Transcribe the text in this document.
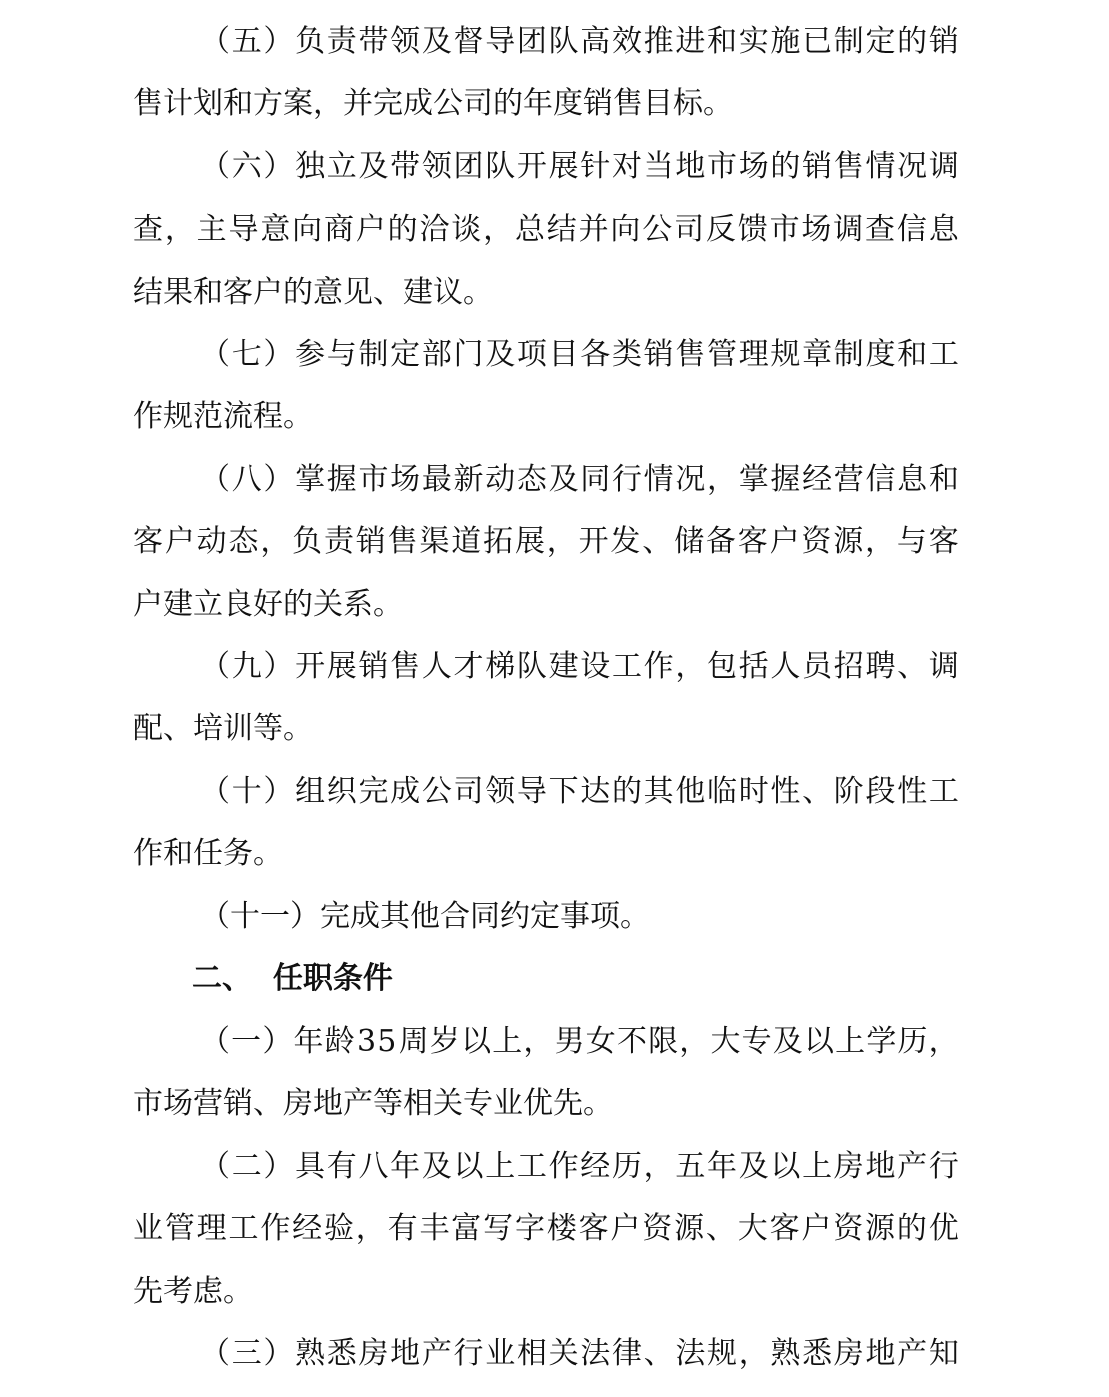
（ 五 ） 负 责 带 领 及 督 导 团 队 高 效 推 进 和 实 施 已 制 定 的 销
售计划和方案，并完成公司的年度销售目标。
（ 六 ） 独 立 及 带 领 团 队 开 展 针 对 当 地 市 场 的 销 售 情 况 调
查 ， 主 导 意 向 商 户 的 洽 谈 ， 总 结 并 向 公 司 反 馈 市 场 调 查 信 息
结果和客户的意见、建议。
（ 七 ） 参 与 制 定 部 门 及 项 目 各 类 销 售 管 理 规 章 制 度 和 工
作规范流程。
（ 八 ） 掌 握 市 场 最 新 动 态 及 同 行 情 况 ， 掌 握 经 营 信 息 和
客 户 动 态 ， 负 责 销 售 渠 道 拓 展 ， 开 发 、 储 备 客 户 资 源 ， 与 客
户建立良好的关系。
（ 九 ） 开 展 销 售 人 才 梯 队 建 设 工 作 ， 包 括 人 员 招 聘 、 调
配、培训等。
（ 十 ） 组 织 完 成 公 司 领 导 下 达 的 其 他 临 时 性 、 阶 段 性 工
作和任务。
（十一）完成其他合同约定事项。
二、  任职条件
（ 一 ） 年 龄 3 5 周 岁 以 上 ， 男 女 不 限 ， 大 专 及 以 上 学 历 ，
市场营销、房地产等相关专业优先。
（ 二 ） 具 有 八 年 及 以 上 工 作 经 历 ， 五 年 及 以 上 房 地 产 行
业 管 理 工 作 经 验 ， 有 丰 富 写 字 楼 客 户 资 源 、 大 客 户 资 源 的 优
先考虑。
（ 三 ） 熟 悉 房 地 产 行 业 相 关 法 律 、 法 规 ， 熟 悉 房 地 产 知
